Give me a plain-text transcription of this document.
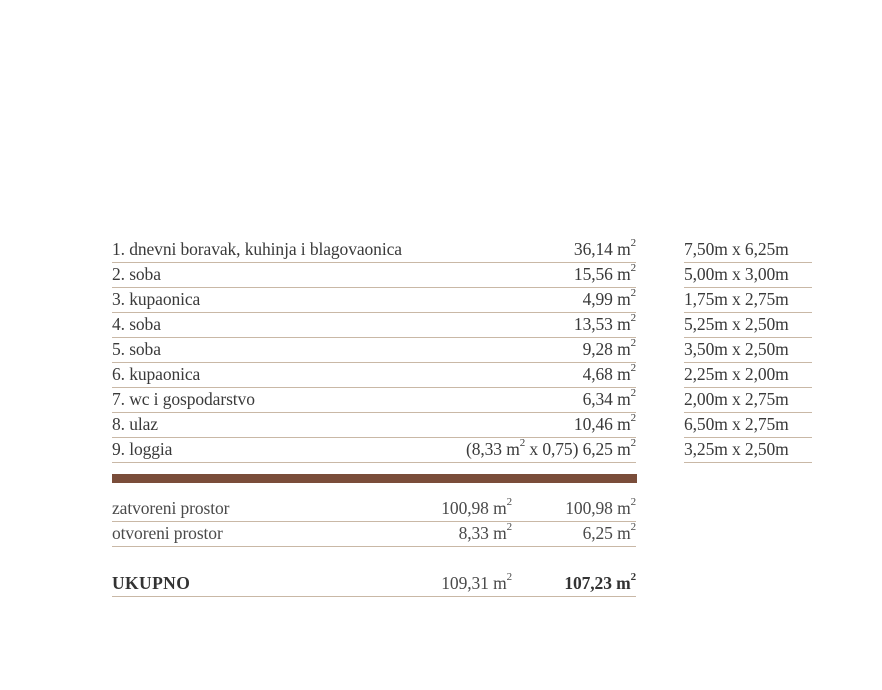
1. dnevni boravak, kuhinja i blagovaonica	36,14 $m^2$	7,50m x 6,25m
2. soba	15,56 $m^2$	5,00m x 3,00m
3. kupaonica	4,99 $m^2$	1,75m x 2,75m
4. soba	13,53 $m^2$	5,25m x 2,50m
5. soba	9,28 $m^2$	3,50m x 2,50m
6. kupaonica	4,68 $m^2$	2,25m x 2,00m
7. wc i gospodarstvo	6,34 $m^2$	2,00m x 2,75m
8. ulaz	10,46 $m^2$	6,50m x 2,75m
9. loggia	(8,33 $m^2$ x 0,75) 6,25 $m^2$	3,25m x 2,50m
zatvoreni prostor	100,98 $m^2$	100,98 $m^2$
otvoreni prostor	8,33 $m^2$	6,25 $m^2$
UKUPNO	109,31 $m^2$	107,23 $m^2$
